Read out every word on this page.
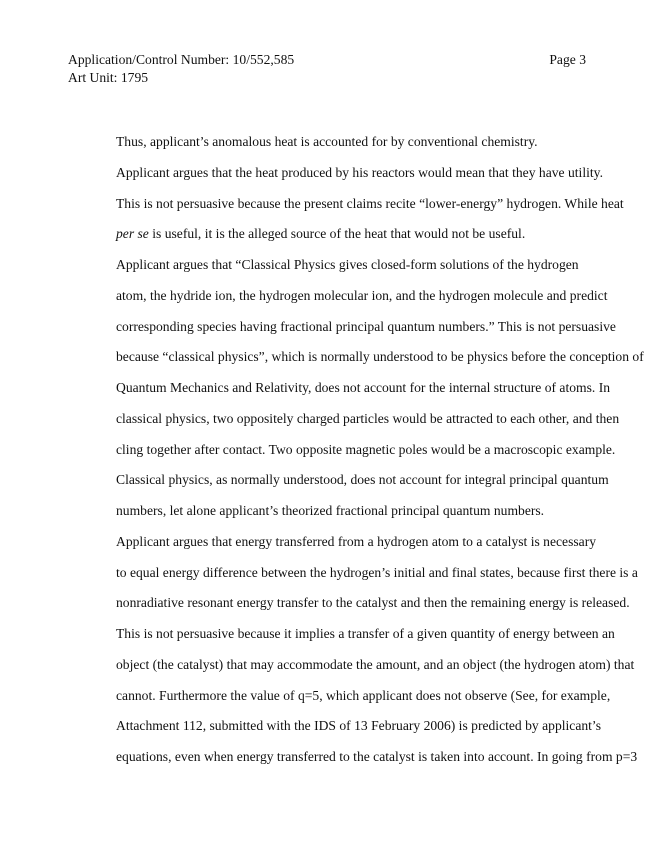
Application/Control Number: 10/552,585
Art Unit: 1795
Page 3

Thus, applicant’s anomalous heat is accounted for by conventional chemistry.

Applicant argues that the heat produced by his reactors would mean that they have utility.
This is not persuasive because the present claims recite “lower-energy” hydrogen. While heat
per se is useful, it is the alleged source of the heat that would not be useful.

Applicant argues that “Classical Physics gives closed-form solutions of the hydrogen
atom, the hydride ion, the hydrogen molecular ion, and the hydrogen molecule and predict
corresponding species having fractional principal quantum numbers.” This is not persuasive
because “classical physics”, which is normally understood to be physics before the conception of
Quantum Mechanics and Relativity, does not account for the internal structure of atoms. In
classical physics, two oppositely charged particles would be attracted to each other, and then
cling together after contact. Two opposite magnetic poles would be a macroscopic example.
Classical physics, as normally understood, does not account for integral principal quantum
numbers, let alone applicant’s theorized fractional principal quantum numbers.

Applicant argues that energy transferred from a hydrogen atom to a catalyst is necessary
to equal energy difference between the hydrogen’s initial and final states, because first there is a
nonradiative resonant energy transfer to the catalyst and then the remaining energy is released.
This is not persuasive because it implies a transfer of a given quantity of energy between an
object (the catalyst) that may accommodate the amount, and an object (the hydrogen atom) that
cannot. Furthermore the value of q=5, which applicant does not observe (See, for example,
Attachment 112, submitted with the IDS of 13 February 2006) is predicted by applicant’s
equations, even when energy transferred to the catalyst is taken into account. In going from p=3
